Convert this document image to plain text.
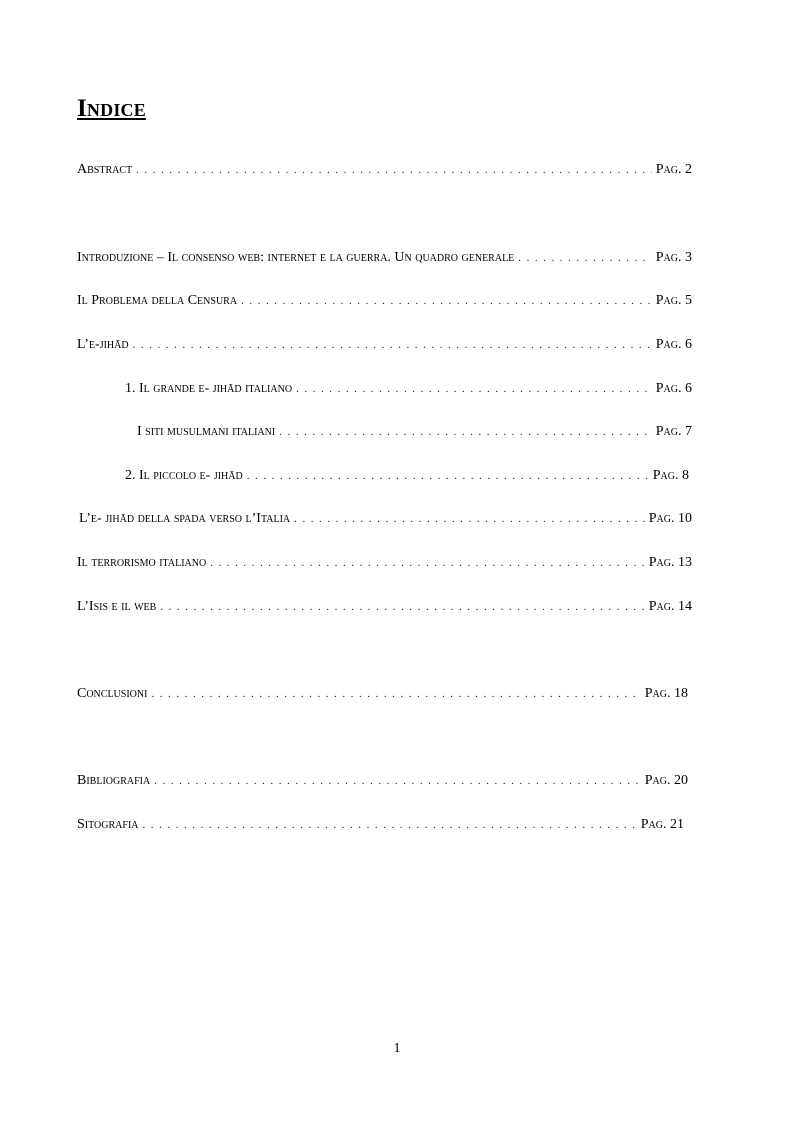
Indice
Abstract . . .	Pag. 2
Introduzione – Il consenso web: internet e la guerra. Un quadro generale . . .	Pag. 3
Il Problema della Censura . . .	Pag. 5
L’e-jihād . . .	Pag. 6
1. Il grande e- jihād italiano . . .	Pag. 6
I siti musulmani italiani . . .	Pag. 7
2. Il piccolo e- jihād . . .	Pag. 8
L’e- jihād della spada verso l’Italia . . .	Pag. 10
Il terrorismo italiano . . .	Pag. 13
L’Isis e il web . . .	Pag. 14
Conclusioni . . .	Pag. 18
Bibliografia . . .	Pag. 20
Sitografia . . .	Pag. 21
1
